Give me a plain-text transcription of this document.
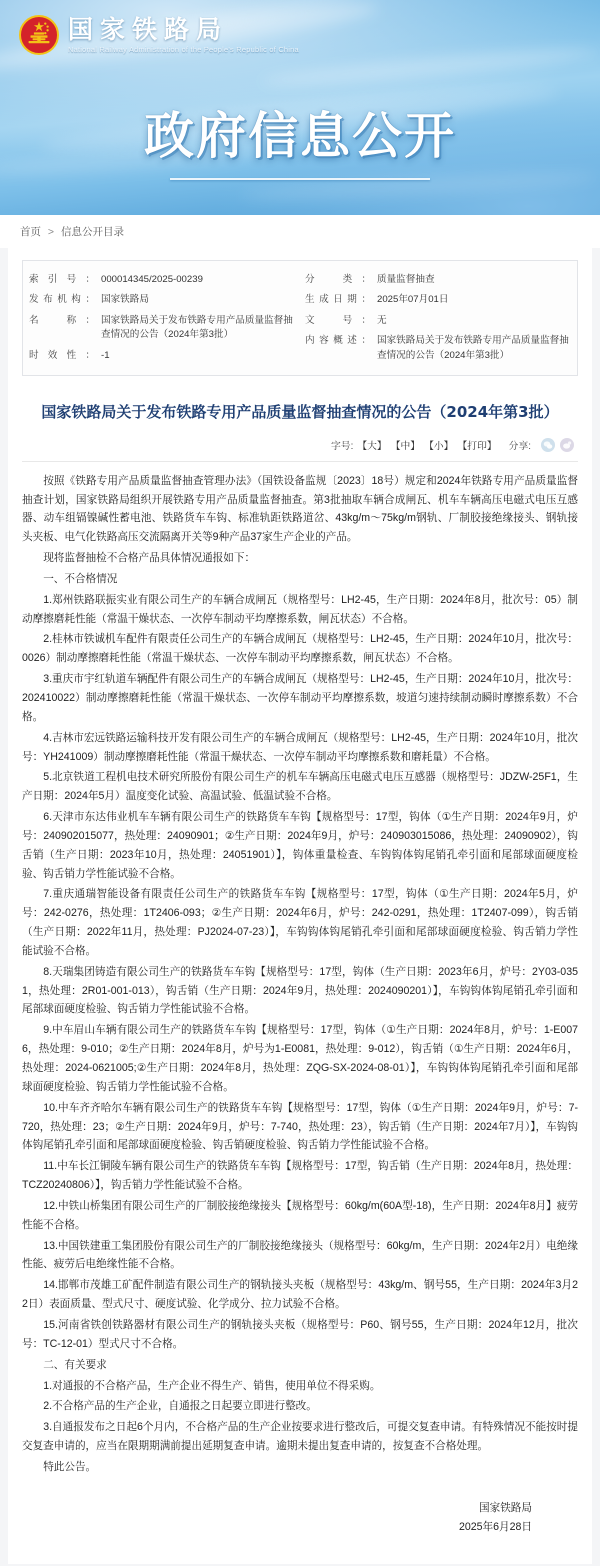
国家铁路局
National Railway Administration of the People's Republic of China
政府信息公开
首页 > 信息公开目录
索引号 ：	000014345/2025-00239
发布机构 ：	国家铁路局
名　称 ：	国家铁路局关于发布铁路专用产品质量监督抽查情况的公告（2024年第3批）
时效性 ：	-1
分　类 ：	质量监督抽查
生成日期 ：	2025年07月01日
文　号 ：	无
内容概述 ：	国家铁路局关于发布铁路专用产品质量监督抽查情况的公告（2024年第3批）
国家铁路局关于发布铁路专用产品质量监督抽查情况的公告（2024年第3批）
字号: 【大】 【中】 【小】 【打印】 分享:

按照《铁路专用产品质量监督抽查管理办法》（国铁设备监规〔2023〕18号）规定和2024年铁路专用产品质量监督抽查计划，国家铁路局组织开展铁路专用产品质量监督抽查。第3批抽取车辆合成闸瓦、机车车辆高压电磁式电压互感器、动车组镉镍碱性蓄电池、铁路货车车钩、标准轨距铁路道岔、43kg/m～75kg/m钢轨、厂制胶接绝缘接头、钢轨接头夹板、电气化铁路高压交流隔离开关等9种产品37家生产企业的产品。

现将监督抽检不合格产品具体情况通报如下：

一、不合格情况

1.郑州铁路联振实业有限公司生产的车辆合成闸瓦（规格型号：LH2-45，生产日期：2024年8月，批次号：05）制动摩擦磨耗性能（常温干燥状态、一次停车制动平均摩擦系数，闸瓦状态）不合格。

2.桂林市铁诚机车配件有限责任公司生产的车辆合成闸瓦（规格型号：LH2-45，生产日期：2024年10月，批次号：0026）制动摩擦磨耗性能（常温干燥状态、一次停车制动平均摩擦系数，闸瓦状态）不合格。

3.重庆市宇红轨道车辆配件有限公司生产的车辆合成闸瓦（规格型号：LH2-45，生产日期：2024年10月，批次号：202410022）制动摩擦磨耗性能（常温干燥状态、一次停车制动平均摩擦系数，坡道匀速持续制动瞬时摩擦系数）不合格。

4.吉林市宏远铁路运输科技开发有限公司生产的车辆合成闸瓦（规格型号：LH2-45，生产日期：2024年10月，批次号：YH241009）制动摩擦磨耗性能（常温干燥状态、一次停车制动平均摩擦系数和磨耗量）不合格。

5.北京铁道工程机电技术研究所股份有限公司生产的机车车辆高压电磁式电压互感器（规格型号：JDZW-25F1，生产日期：2024年5月）温度变化试验、高温试验、低温试验不合格。

6.天津市东达伟业机车车辆有限公司生产的铁路货车车钩【规格型号：17型，钩体（①生产日期：2024年9月，炉号：240902015077，热处理：24090901；②生产日期：2024年9月，炉号：240903015086，热处理：24090902），钩舌销（生产日期：2023年10月，热处理：24051901）】，钩体重量检查、车钩钩体钩尾销孔牵引面和尾部球面硬度检验、钩舌销力学性能试验不合格。

7.重庆通瑞智能设备有限责任公司生产的铁路货车车钩【规格型号：17型，钩体（①生产日期：2024年5月，炉号：242-0276，热处理：1T2406-093；②生产日期：2024年6月，炉号：242-0291，热处理：1T2407-099），钩舌销（生产日期：2022年11月，热处理：PJ2024-07-23）】，车钩钩体钩尾销孔牵引面和尾部球面硬度检验、钩舌销力学性能试验不合格。

8.天瑞集团铸造有限公司生产的铁路货车车钩【规格型号：17型，钩体（生产日期：2023年6月，炉号：2Y03-0351，热处理：2R01-001-013），钩舌销（生产日期：2024年9月，热处理：2024090201）】，车钩钩体钩尾销孔牵引面和尾部球面硬度检验、钩舌销力学性能试验不合格。

9.中车眉山车辆有限公司生产的铁路货车车钩【规格型号：17型，钩体（①生产日期：2024年8月，炉号：1-E0076，热处理：9-010；②生产日期：2024年8月，炉号为1-E0081，热处理：9-012），钩舌销（①生产日期：2024年6月，热处理：2024-0621005;②生产日期：2024年8月，热处理：ZQG-SX-2024-08-01）】，车钩钩体钩尾销孔牵引面和尾部球面硬度检验、钩舌销力学性能试验不合格。

10.中车齐齐哈尔车辆有限公司生产的铁路货车车钩【规格型号：17型，钩体（①生产日期：2024年9月，炉号：7-720，热处理：23；②生产日期：2024年9月，炉号：7-740，热处理：23），钩舌销（生产日期：2024年7月）】，车钩钩体钩尾销孔牵引面和尾部球面硬度检验、钩舌销硬度检验、钩舌销力学性能试验不合格。

11.中车长江铜陵车辆有限公司生产的铁路货车车钩【规格型号：17型，钩舌销（生产日期：2024年8月，热处理：TCZ20240806）】，钩舌销力学性能试验不合格。

12.中铁山桥集团有限公司生产的厂制胶接绝缘接头【规格型号：60kg/m(60A型-18)，生产日期：2024年8月】疲劳性能不合格。

13.中国铁建重工集团股份有限公司生产的厂制胶接绝缘接头（规格型号：60kg/m，生产日期：2024年2月）电绝缘性能、疲劳后电绝缘性能不合格。

14.邯郸市茂雄工矿配件制造有限公司生产的钢轨接头夹板（规格型号：43kg/m、钢号55，生产日期：2024年3月22日）表面质量、型式尺寸、硬度试验、化学成分、拉力试验不合格。

15.河南省铁创铁路器材有限公司生产的钢轨接头夹板（规格型号：P60、钢号55，生产日期：2024年12月，批次号：TC-12-01）型式尺寸不合格。

二、有关要求

1.对通报的不合格产品，生产企业不得生产、销售，使用单位不得采购。

2.不合格产品的生产企业，自通报之日起要立即进行整改。

3.自通报发布之日起6个月内，不合格产品的生产企业按要求进行整改后，可提交复查申请。有特殊情况不能按时提交复查申请的，应当在限期期满前提出延期复查申请。逾期未提出复查申请的，按复查不合格处理。

特此公告。

国家铁路局
2025年6月28日
